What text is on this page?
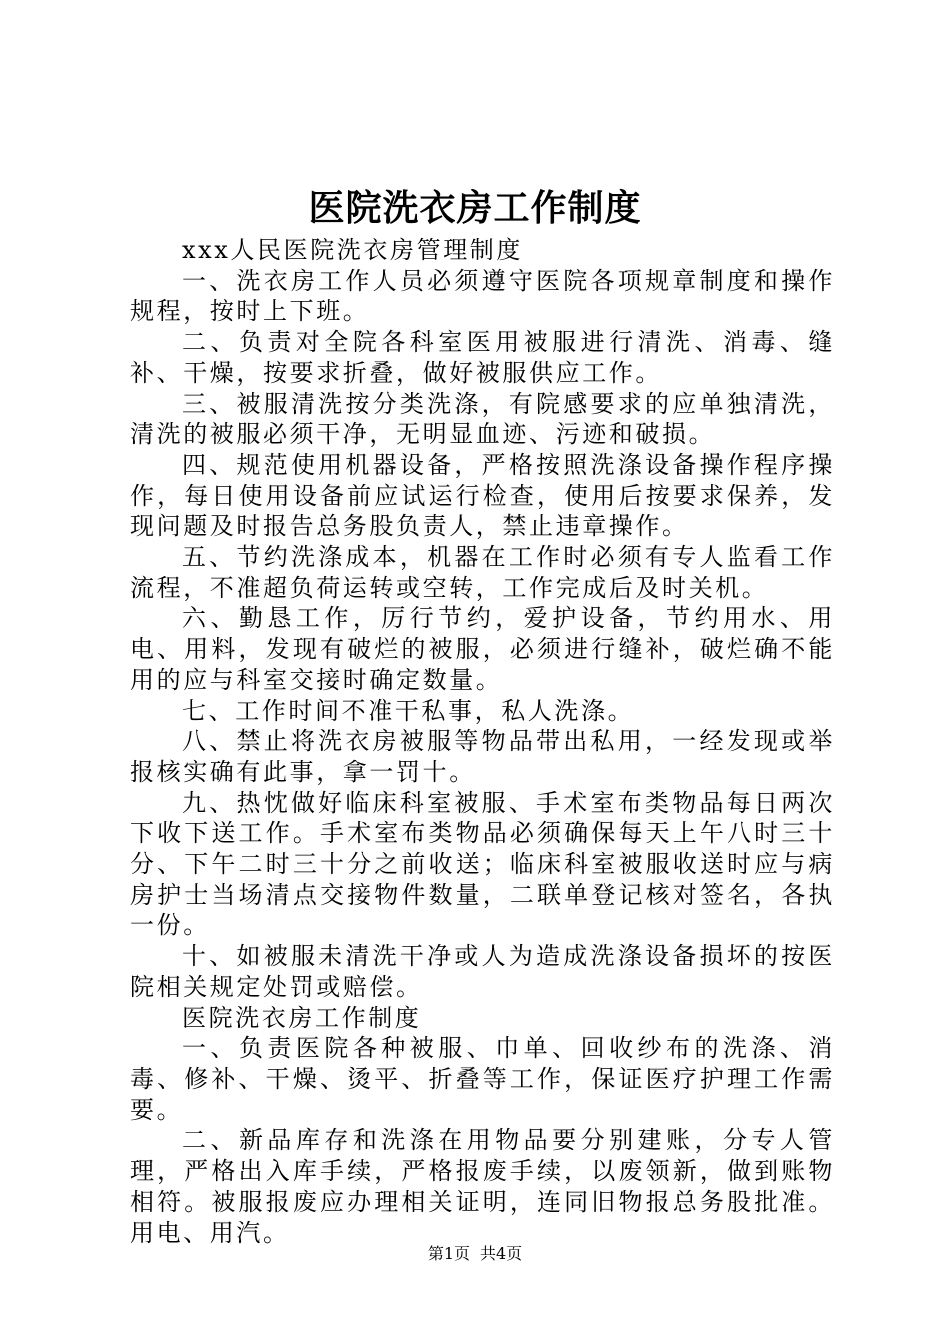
医院洗衣房工作制度

xxx人民医院洗衣房管理制度

一、洗衣房工作人员必须遵守医院各项规章制度和操作规程，按时上下班。

二、负责对全院各科室医用被服进行清洗、消毒、缝补、干燥，按要求折叠，做好被服供应工作。

三、被服清洗按分类洗涤，有院感要求的应单独清洗，清洗的被服必须干净，无明显血迹、污迹和破损。

四、规范使用机器设备，严格按照洗涤设备操作程序操作，每日使用设备前应试运行检查，使用后按要求保养，发现问题及时报告总务股负责人，禁止违章操作。

五、节约洗涤成本，机器在工作时必须有专人监看工作流程，不准超负荷运转或空转，工作完成后及时关机。

六、勤恳工作，厉行节约，爱护设备，节约用水、用电、用料，发现有破烂的被服，必须进行缝补，破烂确不能用的应与科室交接时确定数量。

七、工作时间不准干私事，私人洗涤。

八、禁止将洗衣房被服等物品带出私用，一经发现或举报核实确有此事，拿一罚十。

九、热忱做好临床科室被服、手术室布类物品每日两次下收下送工作。手术室布类物品必须确保每天上午八时三十分、下午二时三十分之前收送；临床科室被服收送时应与病房护士当场清点交接物件数量，二联单登记核对签名，各执一份。

十、如被服未清洗干净或人为造成洗涤设备损坏的按医院相关规定处罚或赔偿。

医院洗衣房工作制度

一、负责医院各种被服、巾单、回收纱布的洗涤、消毒、修补、干燥、烫平、折叠等工作，保证医疗护理工作需要。

二、新品库存和洗涤在用物品要分别建账，分专人管理，严格出入库手续，严格报废手续，以废领新，做到账物相符。被服报废应办理相关证明，连同旧物报总务股批准。用电、用汽。

第1页 共4页
